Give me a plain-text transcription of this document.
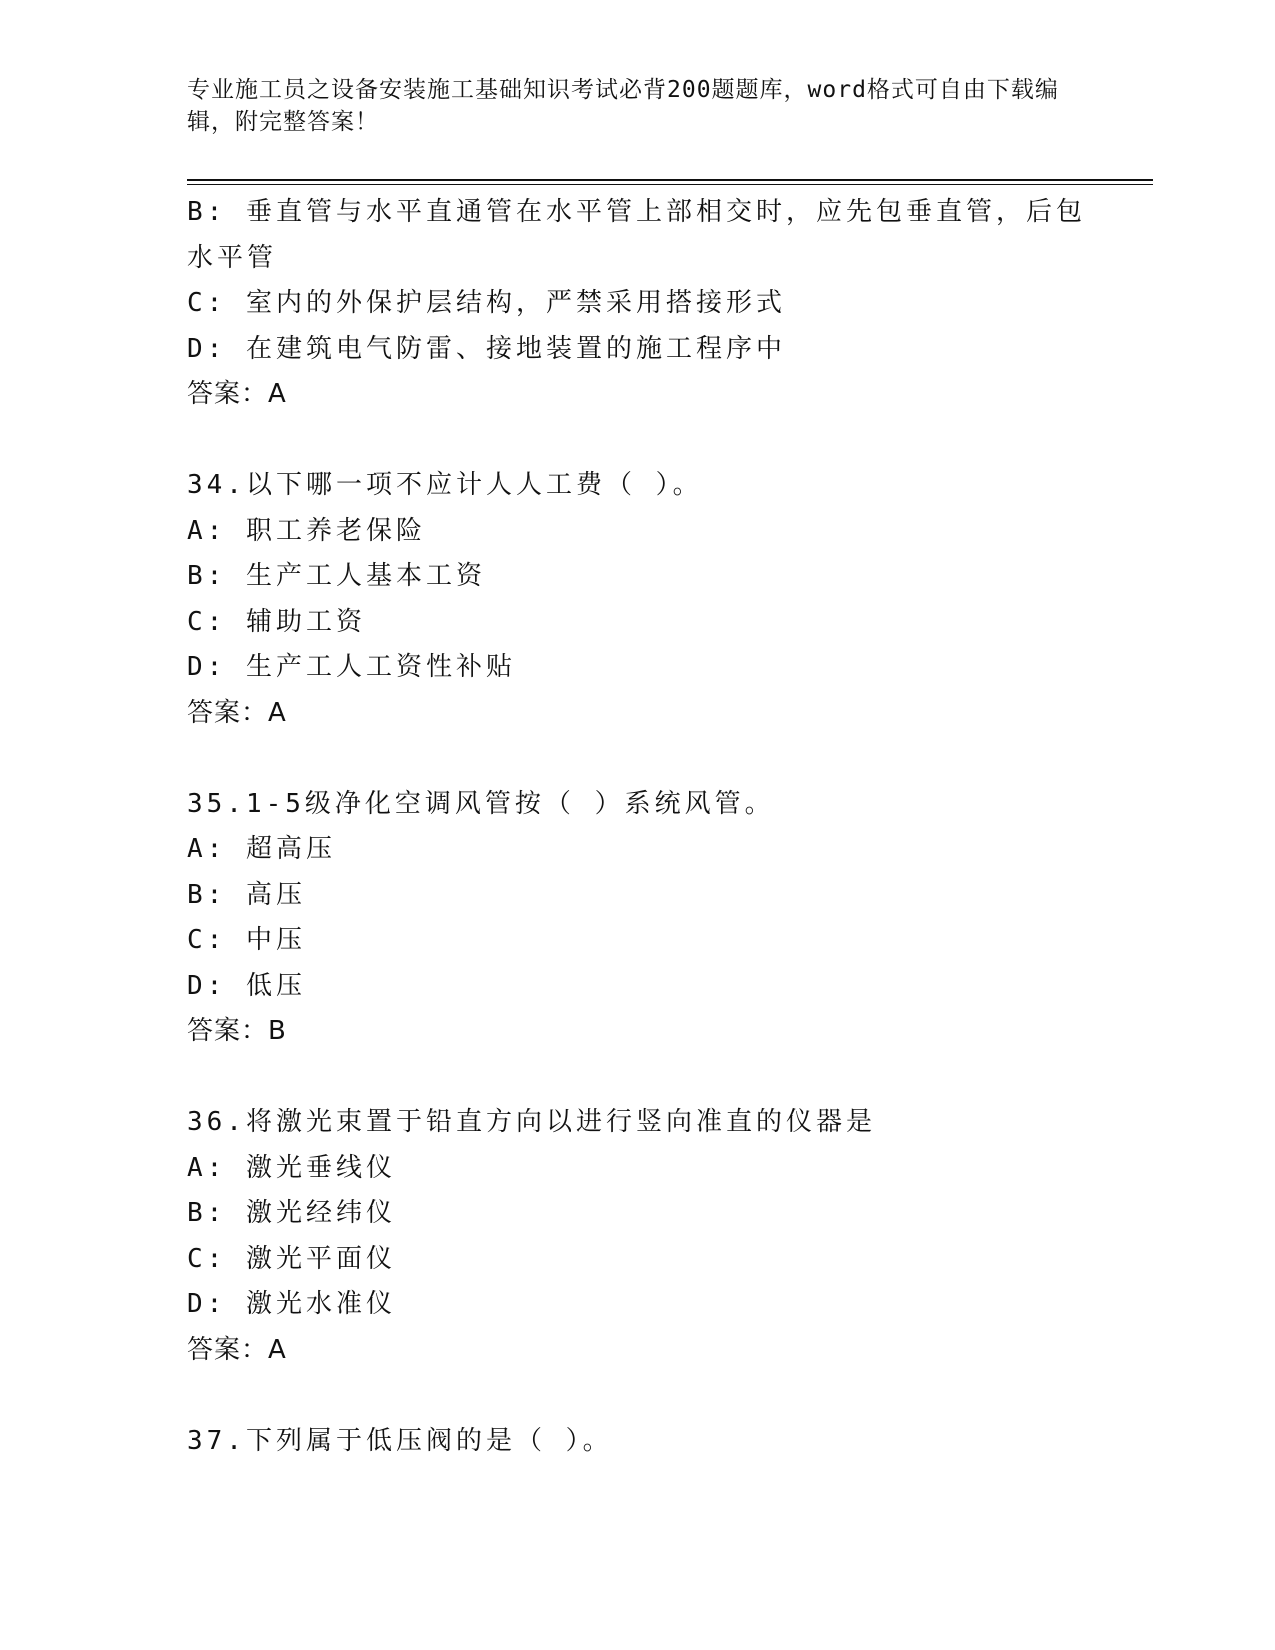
专业施工员之设备安装施工基础知识考试必背200题题库，word格式可自由下载编辑，附完整答案！
B: 垂直管与水平直通管在水平管上部相交时，应先包垂直管，后包水平管
C: 室内的外保护层结构，严禁采用搭接形式
D: 在建筑电气防雷、接地装置的施工程序中
答案：A
34.以下哪一项不应计人人工费（ ）。
A: 职工养老保险
B: 生产工人基本工资
C: 辅助工资
D: 生产工人工资性补贴
答案：A
35.1-5级净化空调风管按（ ）系统风管。
A: 超高压
B: 高压
C: 中压
D: 低压
答案：B
36.将激光束置于铅直方向以进行竖向准直的仪器是
A: 激光垂线仪
B: 激光经纬仪
C: 激光平面仪
D: 激光水准仪
答案：A
37.下列属于低压阀的是（ ）。
